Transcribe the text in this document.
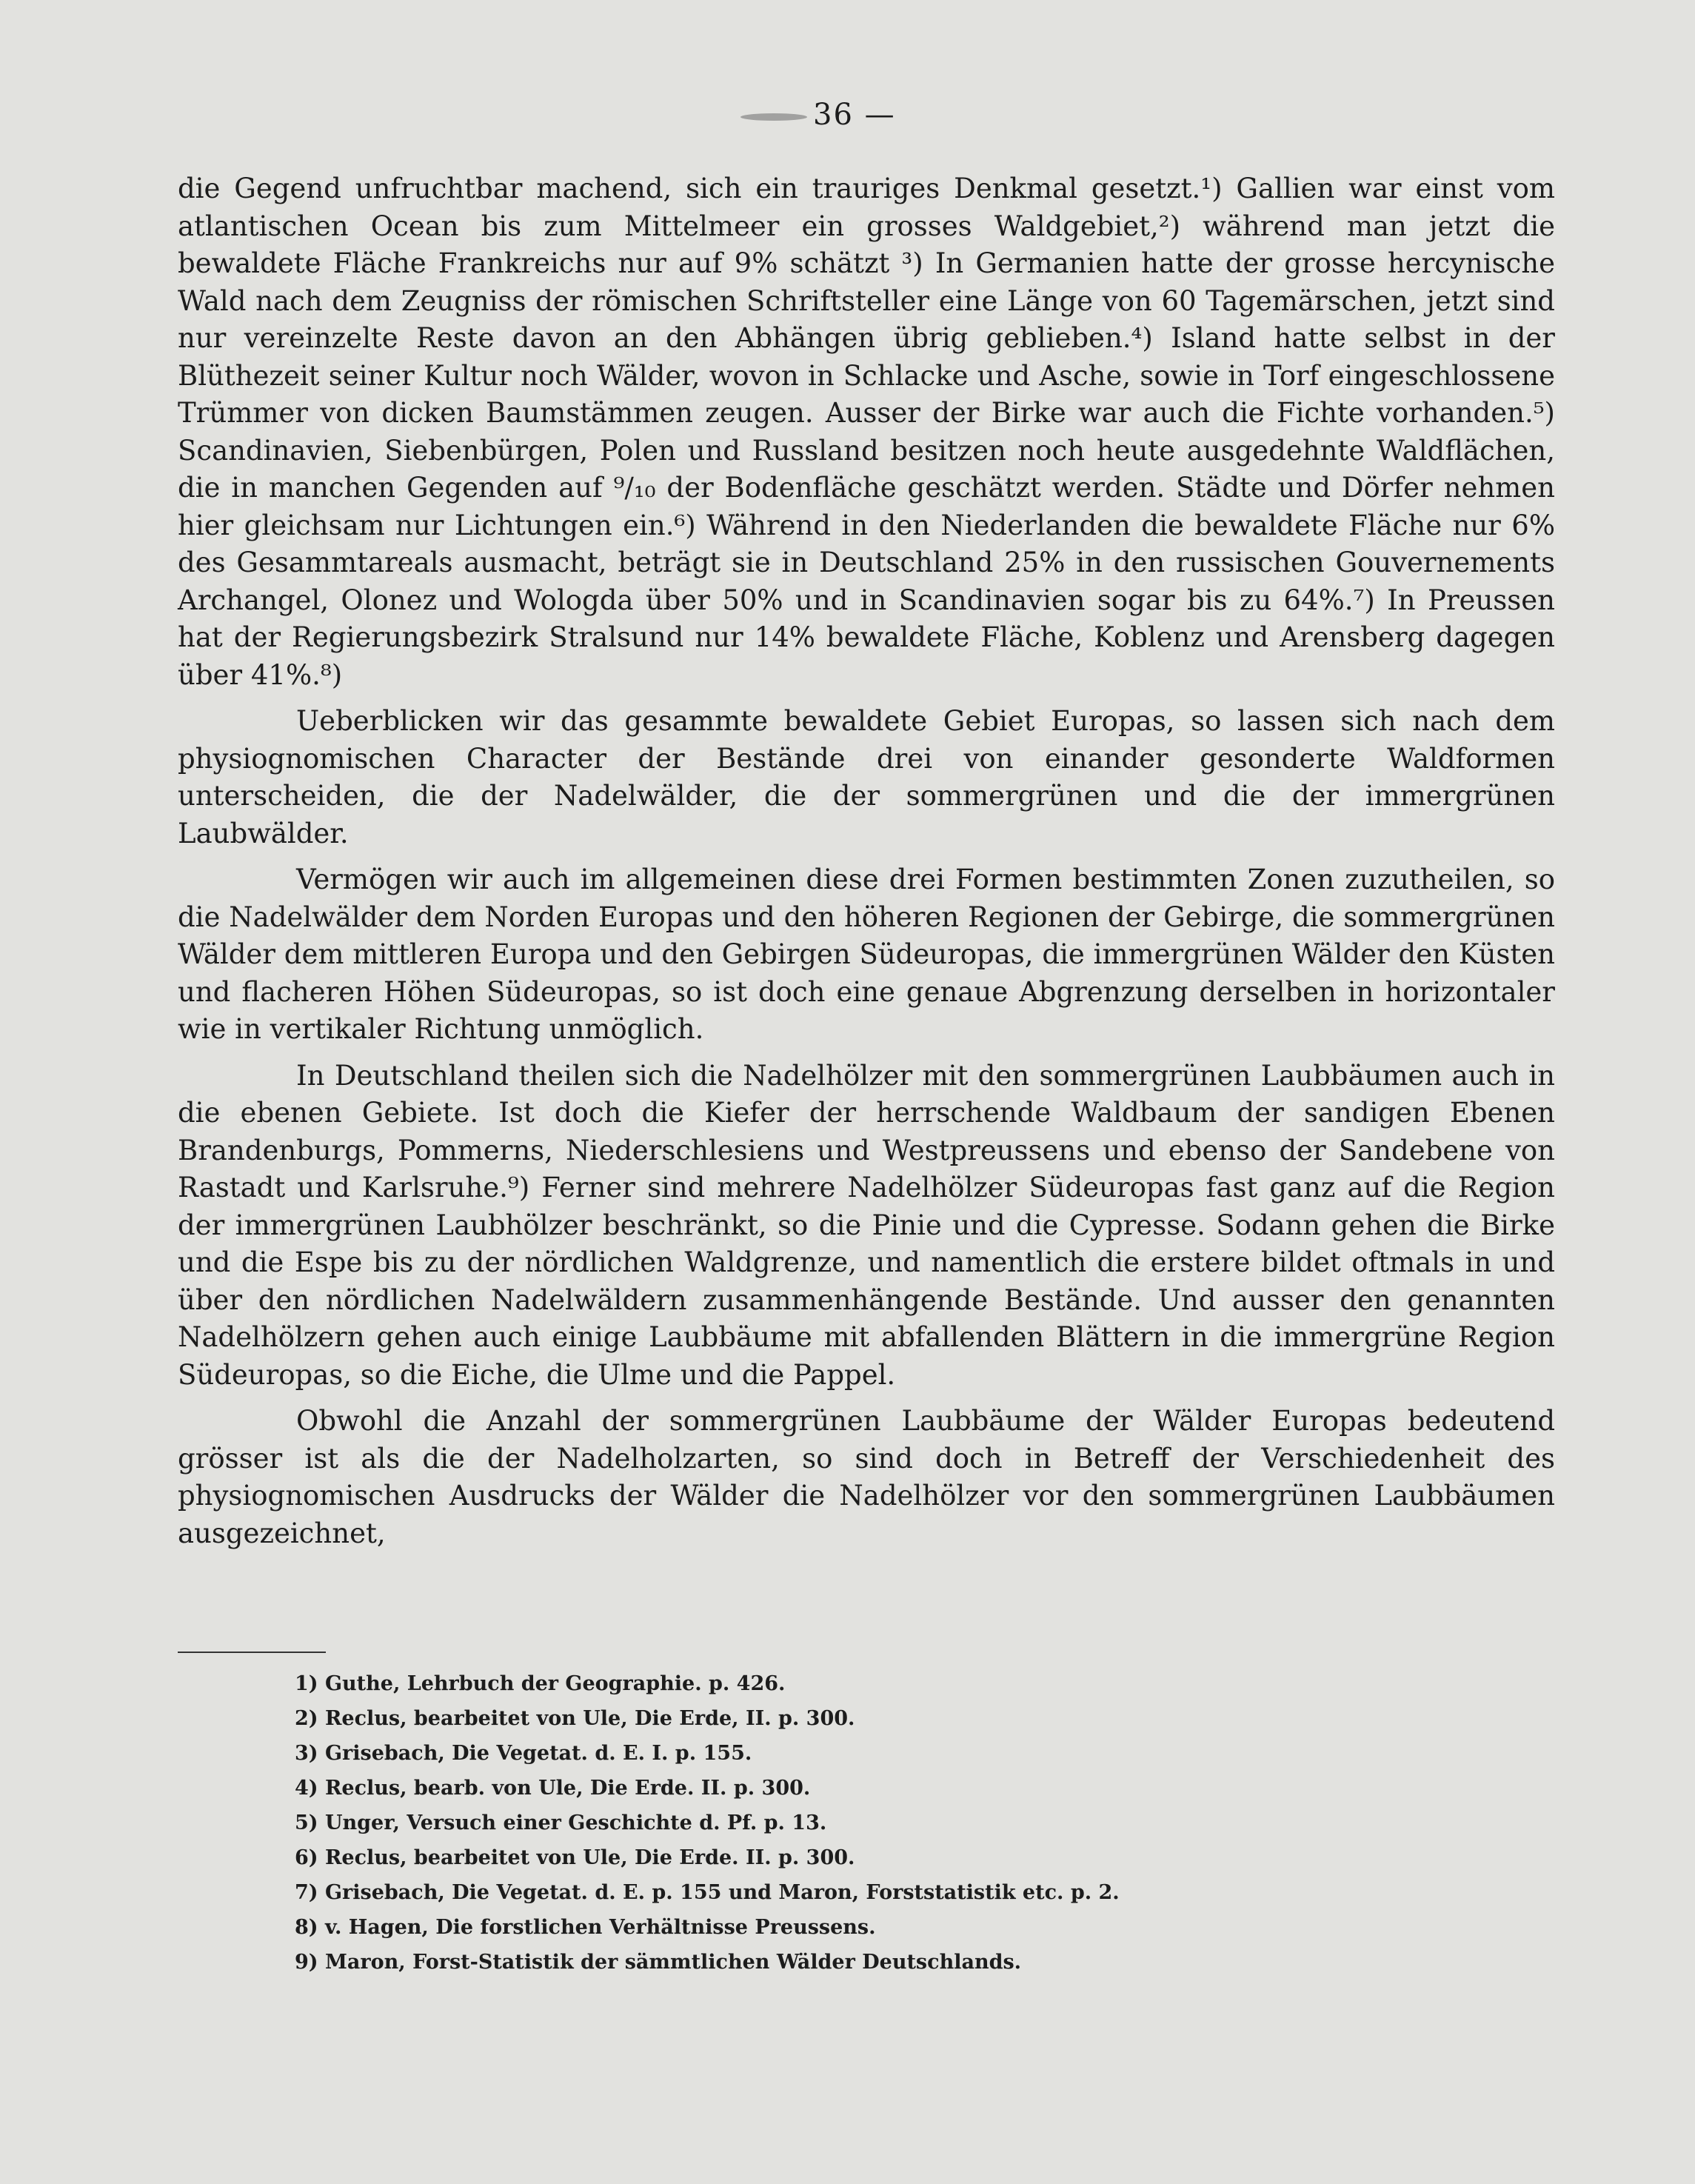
36 —

die Gegend unfruchtbar machend, sich ein trauriges Denkmal gesetzt.¹) Gallien war einst vom atlantischen Ocean bis zum Mittelmeer ein grosses Waldgebiet,²) während man jetzt die bewaldete Fläche Frankreichs nur auf 9% schätzt ³) In Germanien hatte der grosse hercynische Wald nach dem Zeugniss der römischen Schriftsteller eine Länge von 60 Tagemärschen, jetzt sind nur vereinzelte Reste davon an den Abhängen übrig geblieben.⁴) Island hatte selbst in der Blüthezeit seiner Kultur noch Wälder, wovon in Schlacke und Asche, sowie in Torf eingeschlossene Trümmer von dicken Baumstämmen zeugen. Ausser der Birke war auch die Fichte vorhanden.⁵) Scandinavien, Siebenbürgen, Polen und Russland besitzen noch heute ausgedehnte Waldflächen, die in manchen Gegenden auf ⁹/₁₀ der Bodenfläche geschätzt werden. Städte und Dörfer nehmen hier gleichsam nur Lichtungen ein.⁶) Während in den Niederlanden die bewaldete Fläche nur 6% des Gesammtareals ausmacht, beträgt sie in Deutschland 25% in den russischen Gouvernements Archangel, Olonez und Wologda über 50% und in Scandinavien sogar bis zu 64%.⁷) In Preussen hat der Regierungsbezirk Stralsund nur 14% bewaldete Fläche, Koblenz und Arensberg dagegen über 41%.⁸)

Ueberblicken wir das gesammte bewaldete Gebiet Europas, so lassen sich nach dem physiognomischen Character der Bestände drei von einander gesonderte Waldformen unterscheiden, die der Nadelwälder, die der sommergrünen und die der immergrünen Laubwälder.

Vermögen wir auch im allgemeinen diese drei Formen bestimmten Zonen zuzutheilen, so die Nadelwälder dem Norden Europas und den höheren Regionen der Gebirge, die sommergrünen Wälder dem mittleren Europa und den Gebirgen Südeuropas, die immergrünen Wälder den Küsten und flacheren Höhen Südeuropas, so ist doch eine genaue Abgrenzung derselben in horizontaler wie in vertikaler Richtung unmöglich.

In Deutschland theilen sich die Nadelhölzer mit den sommergrünen Laubbäumen auch in die ebenen Gebiete. Ist doch die Kiefer der herrschende Waldbaum der sandigen Ebenen Brandenburgs, Pommerns, Niederschlesiens und Westpreussens und ebenso der Sandebene von Rastadt und Karlsruhe.⁹) Ferner sind mehrere Nadelhölzer Südeuropas fast ganz auf die Region der immergrünen Laubhölzer beschränkt, so die Pinie und die Cypresse. Sodann gehen die Birke und die Espe bis zu der nördlichen Waldgrenze, und namentlich die erstere bildet oftmals in und über den nördlichen Nadelwäldern zusammenhängende Bestände. Und ausser den genannten Nadelhölzern gehen auch einige Laubbäume mit abfallenden Blättern in die immergrüne Region Südeuropas, so die Eiche, die Ulme und die Pappel.

Obwohl die Anzahl der sommergrünen Laubbäume der Wälder Europas bedeutend grösser ist als die der Nadelholzarten, so sind doch in Betreff der Verschiedenheit des physiognomischen Ausdrucks der Wälder die Nadelhölzer vor den sommergrünen Laubbäumen ausgezeichnet,

1) Guthe, Lehrbuch der Geographie. p. 426.
2) Reclus, bearbeitet von Ule, Die Erde, II. p. 300.
3) Grisebach, Die Vegetat. d. E. I. p. 155.
4) Reclus, bearb. von Ule, Die Erde. II. p. 300.
5) Unger, Versuch einer Geschichte d. Pf. p. 13.
6) Reclus, bearbeitet von Ule, Die Erde. II. p. 300.
7) Grisebach, Die Vegetat. d. E. p. 155 und Maron, Forststatistik etc. p. 2.
8) v. Hagen, Die forstlichen Verhältnisse Preussens.
9) Maron, Forst-Statistik der sämmtlichen Wälder Deutschlands.
